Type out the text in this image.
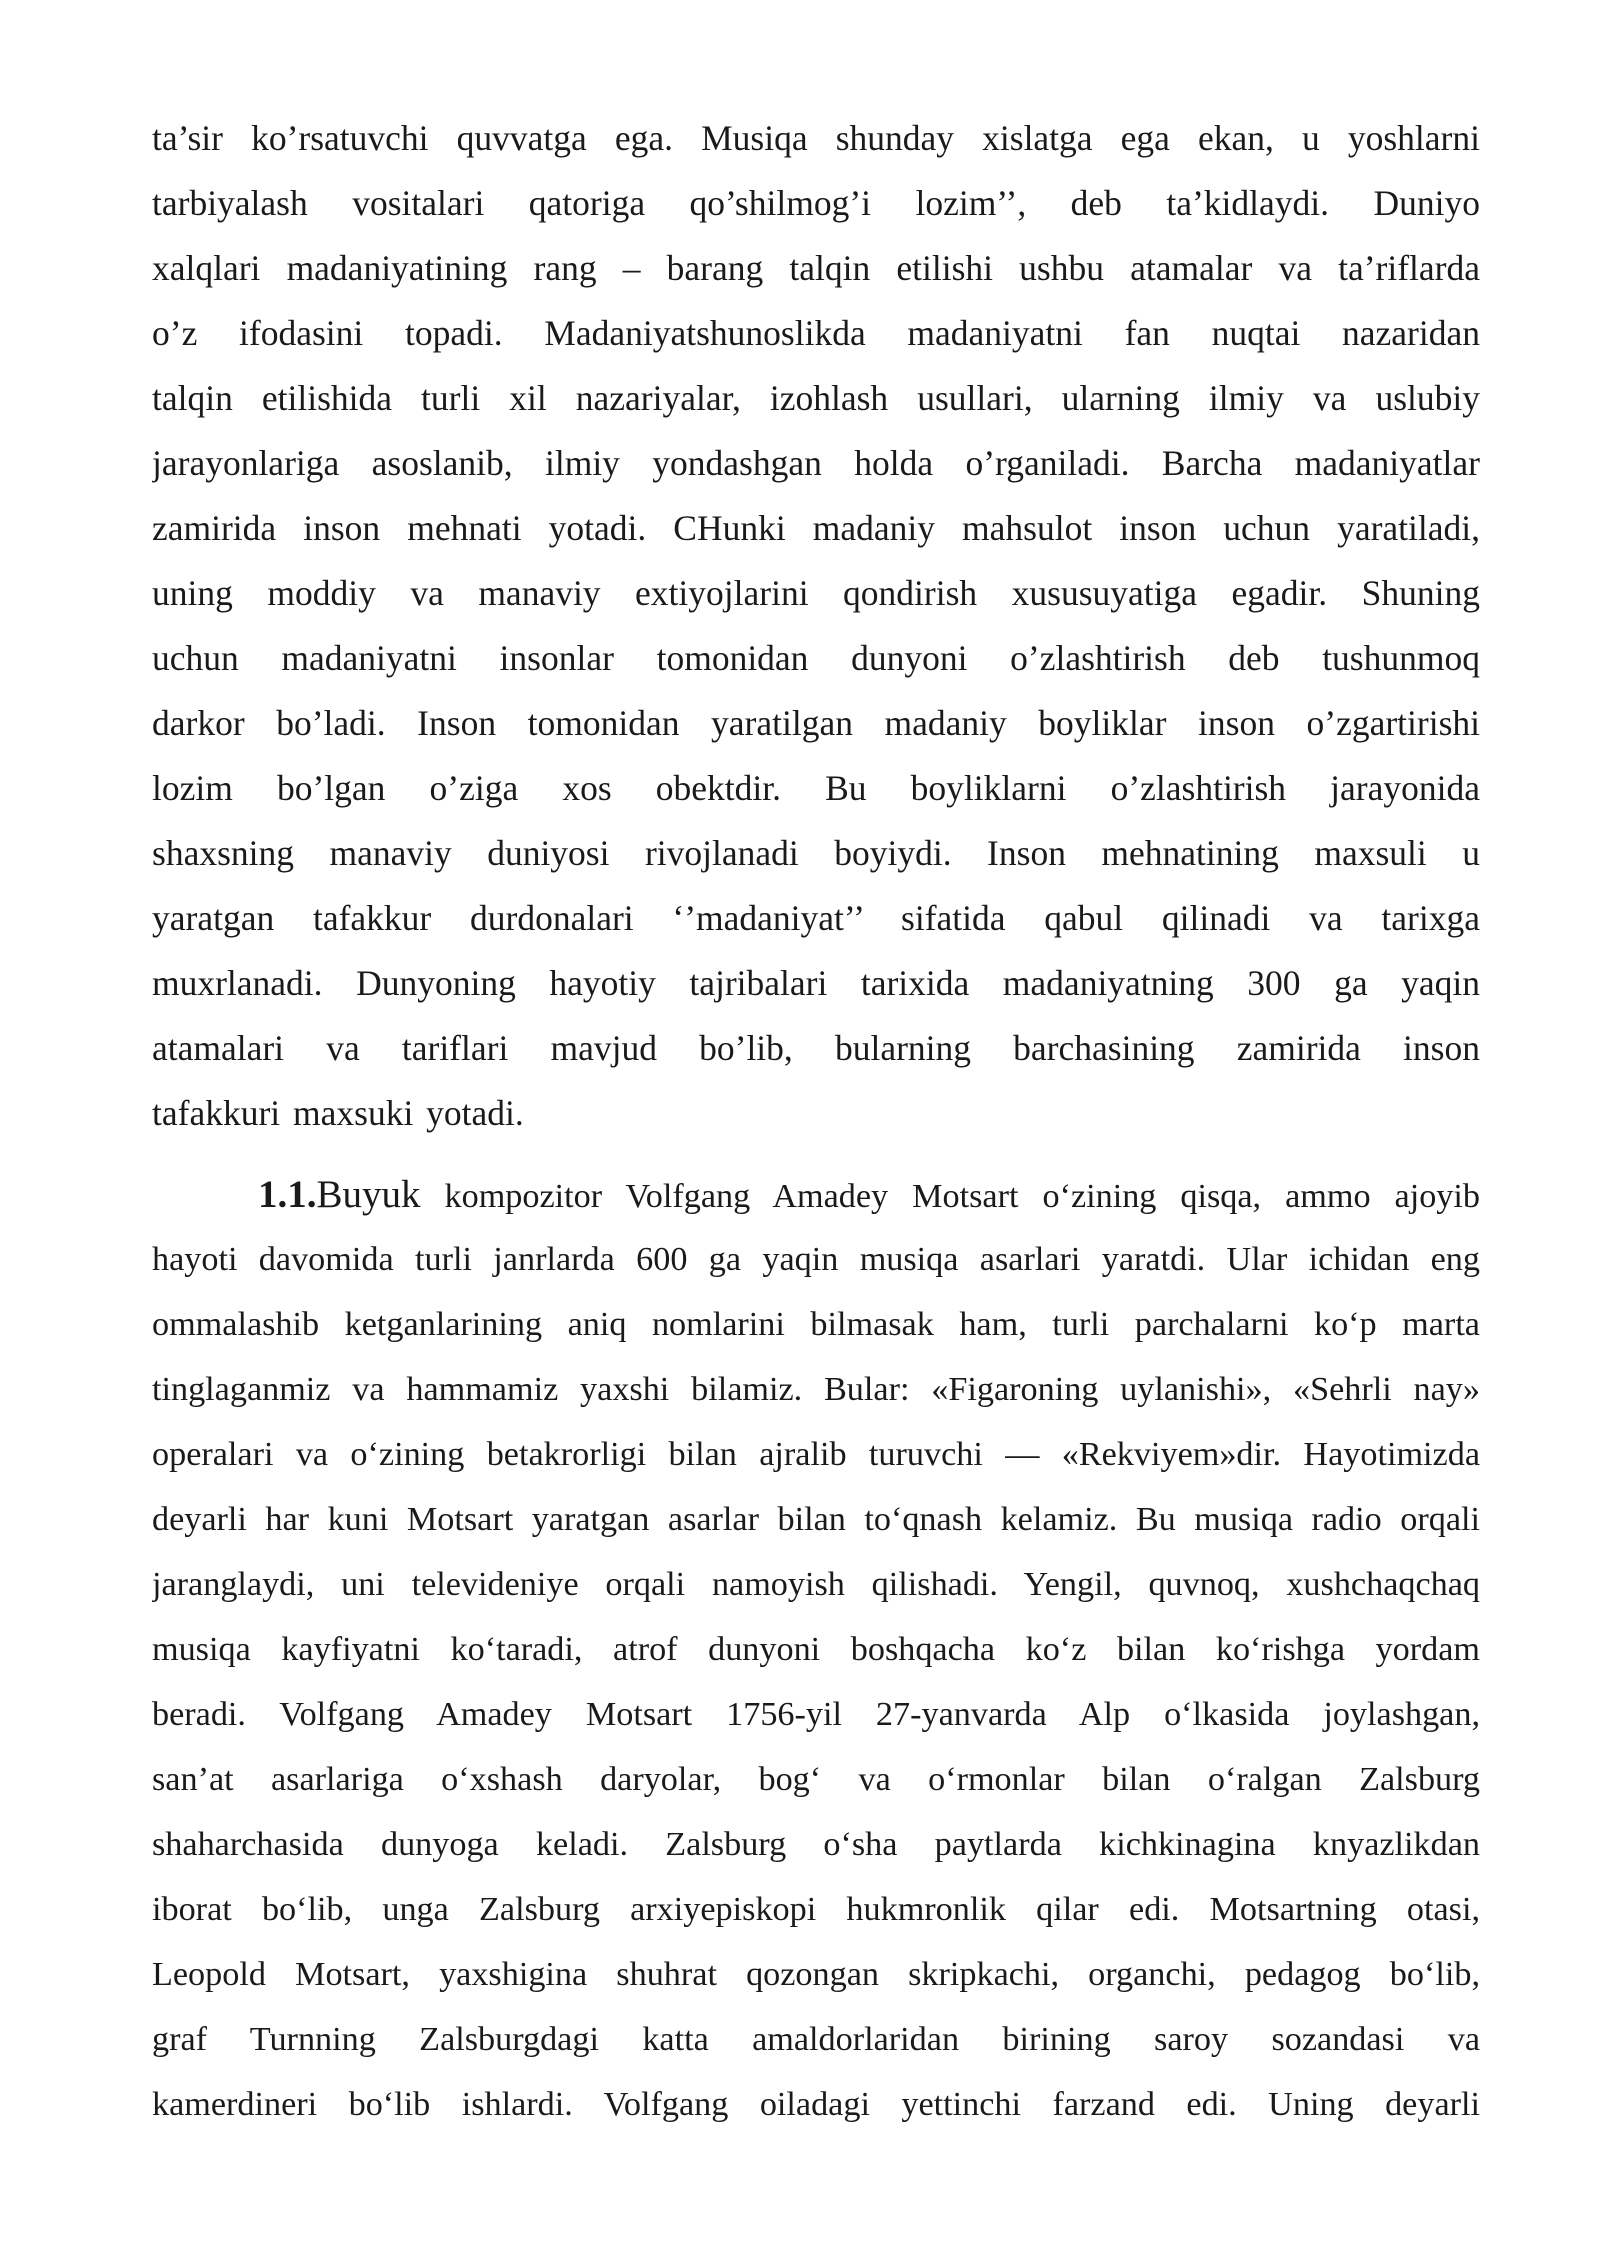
ta’sir ko’rsatuvchi quvvatga ega. Musiqa shunday xislatga ega ekan, u yoshlarni
tarbiyalash vositalari qatoriga qo’shilmog’i lozim’’, deb ta’kidlaydi. Duniyo
xalqlari madaniyatining rang – barang talqin etilishi ushbu atamalar va ta’riflarda
o’z ifodasini topadi. Madaniyatshunoslikda madaniyatni fan nuqtai nazaridan
talqin etilishida turli xil nazariyalar, izohlash usullari, ularning ilmiy va uslubiy
jarayonlariga asoslanib, ilmiy yondashgan holda o’rganiladi. Barcha madaniyatlar
zamirida inson mehnati yotadi. CHunki madaniy mahsulot inson uchun yaratiladi,
uning moddiy va manaviy extiyojlarini qondirish xususuyatiga egadir. Shuning
uchun madaniyatni insonlar tomonidan dunyoni o’zlashtirish deb tushunmoq
darkor bo’ladi. Inson tomonidan yaratilgan madaniy boyliklar inson o’zgartirishi
lozim bo’lgan o’ziga xos obektdir. Bu boyliklarni o’zlashtirish jarayonida
shaxsning manaviy duniyosi rivojlanadi boyiydi. Inson mehnatining maxsuli u
yaratgan tafakkur durdonalari ‘’madaniyat’’ sifatida qabul qilinadi va tarixga
muxrlanadi. Dunyoning hayotiy tajribalari tarixida madaniyatning 300 ga yaqin
atamalari va tariflari mavjud bo’lib, bularning barchasining zamirida inson
tafakkuri maxsuki yotadi.
1.1.Buyuk kompozitor Volfgang Amadey Motsart o‘zining qisqa, ammo ajoyib
hayoti davomida turli janrlarda 600 ga yaqin musiqa asarlari yaratdi. Ular ichidan eng
ommalashib ketganlarining aniq nomlarini bilmasak ham, turli parchalarni ko‘p marta
tinglaganmiz va hammamiz yaxshi bilamiz. Bular: «Figaroning uylanishi», «Sehrli nay»
operalari va o‘zining betakrorligi bilan ajralib turuvchi — «Rekviyem»dir. Hayotimizda
deyarli har kuni Motsart yaratgan asarlar bilan to‘qnash kelamiz. Bu musiqa radio orqali
jaranglaydi, uni televideniye orqali namoyish qilishadi. Yengil, quvnoq, xushchaqchaq
musiqa kayfiyatni ko‘taradi, atrof dunyoni boshqacha ko‘z bilan ko‘rishga yordam
beradi. Volfgang Amadey Motsart 1756-yil 27-yanvarda Alp o‘lkasida joylashgan,
san’at asarlariga o‘xshash daryolar, bog‘ va o‘rmonlar bilan o‘ralgan Zalsburg
shaharchasida dunyoga keladi. Zalsburg o‘sha paytlarda kichkinagina knyazlikdan
iborat bo‘lib, unga Zalsburg arxiyepiskopi hukmronlik qilar edi. Motsartning otasi,
Leopold Motsart, yaxshigina shuhrat qozongan skripkachi, organchi, pedagog bo‘lib,
graf Turnning Zalsburgdagi katta amaldorlaridan birining saroy sozandasi va
kamerdineri bo‘lib ishlardi. Volfgang oiladagi yettinchi farzand edi. Uning deyarli
